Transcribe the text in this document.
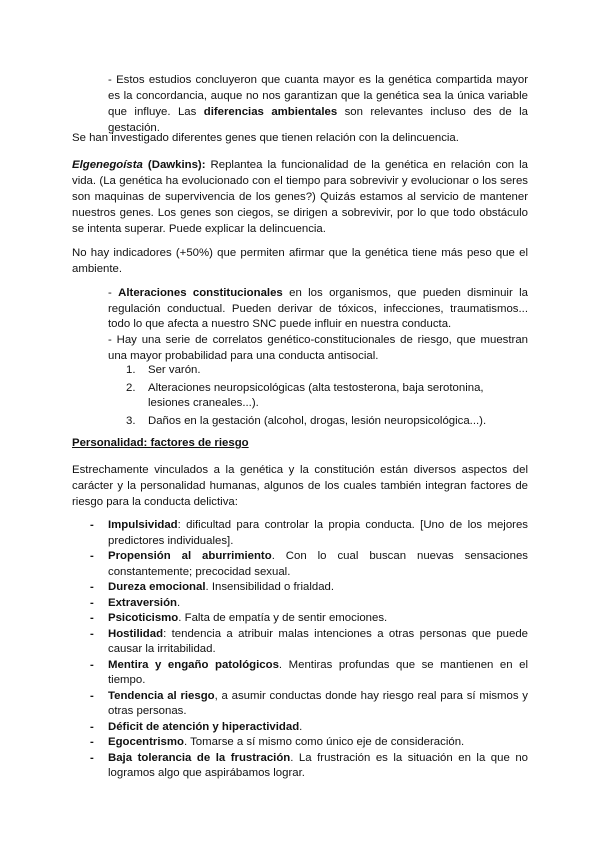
- Estos estudios concluyeron que cuanta mayor es la genética compartida mayor es la concordancia, auque no nos garantizan que la genética sea la única variable que influye. Las diferencias ambientales son relevantes incluso des de la gestación.

Se han investigado diferentes genes que tienen relación con la delincuencia.

Elgenegoísta (Dawkins): Replantea la funcionalidad de la genética en relación con la vida. (La genética ha evolucionado con el tiempo para sobrevivir y evolucionar o los seres son maquinas de supervivencia de los genes?) Quizás estamos al servicio de mantener nuestros genes. Los genes son ciegos, se dirigen a sobrevivir, por lo que todo obstáculo se intenta superar. Puede explicar la delincuencia.

No hay indicadores (+50%) que permiten afirmar que la genética tiene más peso que el ambiente.

- Alteraciones constitucionales en los organismos, que pueden disminuir la regulación conductual. Pueden derivar de tóxicos, infecciones, traumatismos... todo lo que afecta a nuestro SNC puede influir en nuestra conducta.

- Hay una serie de correlatos genético-constitucionales de riesgo, que muestran una mayor probabilidad para una conducta antisocial.

1. Ser varón.
2. Alteraciones neuropsicológicas (alta testosterona, baja serotonina, lesiones craneales...).
3. Daños en la gestación (alcohol, drogas, lesión neuropsicológica...).

Personalidad: factores de riesgo

Estrechamente vinculados a la genética y la constitución están diversos aspectos del carácter y la personalidad humanas, algunos de los cuales también integran factores de riesgo para la conducta delictiva:

- Impulsividad: dificultad para controlar la propia conducta. [Uno de los mejores predictores individuales].
- Propensión al aburrimiento. Con lo cual buscan nuevas sensaciones constantemente; precocidad sexual.
- Dureza emocional. Insensibilidad o frialdad.
- Extraversión.
- Psicoticismo. Falta de empatía y de sentir emociones.
- Hostilidad: tendencia a atribuir malas intenciones a otras personas que puede causar la irritabilidad.
- Mentira y engaño patológicos. Mentiras profundas que se mantienen en el tiempo.
- Tendencia al riesgo, a asumir conductas donde hay riesgo real para sí mismos y otras personas.
- Déficit de atención y hiperactividad.
- Egocentrismo. Tomarse a sí mismo como único eje de consideración.
- Baja tolerancia de la frustración. La frustración es la situación en la que no logramos algo que aspirábamos lograr.
